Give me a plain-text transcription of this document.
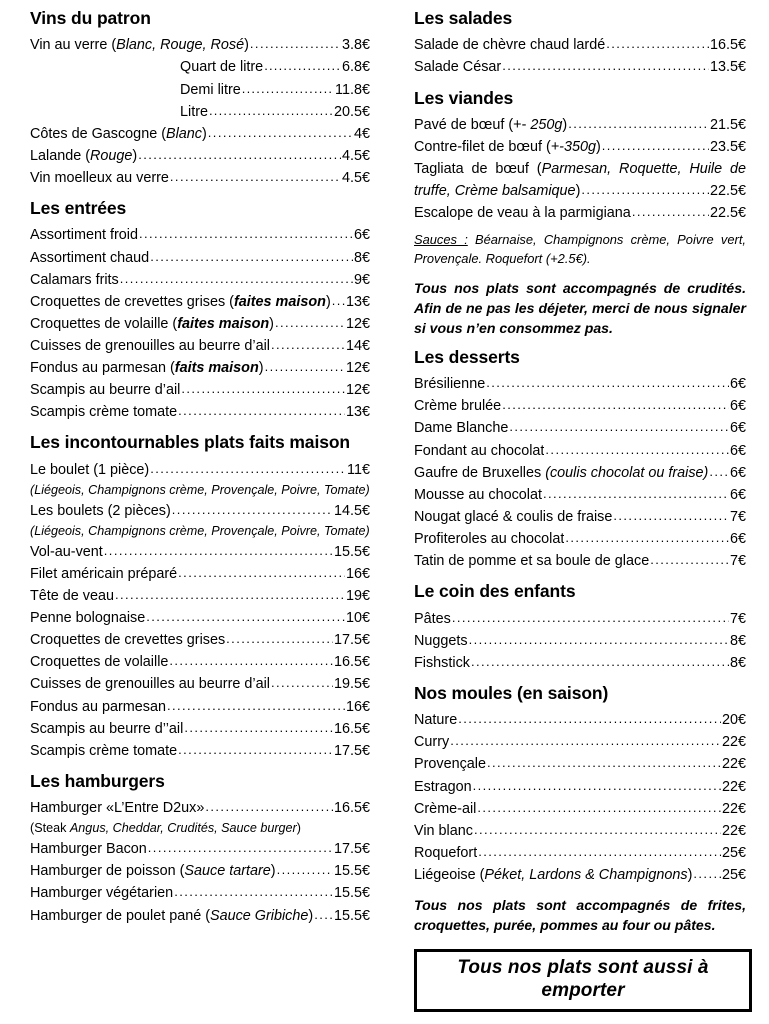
Vins du patron
Vin au verre (Blanc, Rouge, Rosé) .....	3.8€
Quart de litre .....	6.8€
Demi litre .....	11.8€
Litre .....	20.5€
Côtes de Gascogne (Blanc) .....	4€
Lalande (Rouge) .....	4.5€
Vin moelleux au verre .....	4.5€
Les entrées
Assortiment froid .....	6€
Assortiment chaud .....	8€
Calamars frits .....	9€
Croquettes de crevettes grises (faites maison) ..... 13€
Croquettes de volaille (faites maison) .....	12€
Cuisses de grenouilles au beurre d’ail .....	14€
Fondus au parmesan (faits maison) .....	12€
Scampis au beurre d’ail .....	12€
Scampis crème tomate .....	13€
Les incontournables plats faits maison
Le boulet (1 pièce) .....	11€
(Liégeois, Champignons crème, Provençale, Poivre, Tomate)
Les boulets (2 pièces) .....	14.5€
(Liégeois, Champignons crème, Provençale, Poivre, Tomate)
Vol-au-vent .....	15.5€
Filet américain préparé .....	16€
Tête de veau .....	19€
Penne bolognaise .....	10€
Croquettes de crevettes grises .....	17.5€
Croquettes de volaille .....	16.5€
Cuisses de grenouilles au beurre d’ail .....	19.5€
Fondus au parmesan .....	16€
Scampis au beurre d’’ail .....	16.5€
Scampis crème tomate .....	17.5€
Les hamburgers
Hamburger «L’Entre D2ux» .....	16.5€
(Steak Angus, Cheddar, Crudités, Sauce burger)
Hamburger Bacon .....	17.5€
Hamburger de poisson (Sauce tartare) .....	15.5€
Hamburger végétarien .....	15.5€
Hamburger de poulet pané (Sauce Gribiche) ..... 15.5€
Les salades
Salade de chèvre chaud lardé .....	16.5€
Salade César .....	13.5€
Les viandes
Pavé de bœuf (+- 250g) .....	21.5€
Contre-filet de bœuf (+-350g) .....	23.5€
Tagliata de bœuf (Parmesan, Roquette, Huile de
truffe, Crème balsamique) .....	22.5€
Escalope de veau à la parmigiana .....	22.5€
Sauces : Béarnaise, Champignons crème, Poivre vert, Provençale. Roquefort (+2.5€).
Tous nos plats sont accompagnés de crudités. Afin de ne pas les déjeter, merci de nous signaler si vous n’en consommez pas.
Les desserts
Brésilienne .....	6€
Crème brulée .....	6€
Dame Blanche .....	6€
Fondant au chocolat .....	6€
Gaufre de Bruxelles (coulis chocolat ou fraise) ..... 6€
Mousse au chocolat .....	6€
Nougat glacé & coulis de fraise .....	7€
Profiteroles au chocolat .....	6€
Tatin de pomme et sa boule de glace .....	7€
Le coin des enfants
Pâtes .....	7€
Nuggets .....	8€
Fishstick .....	8€
Nos moules (en saison)
Nature .....	20€
Curry .....	22€
Provençale .....	22€
Estragon .....	22€
Crème-ail .....	22€
Vin blanc .....	22€
Roquefort .....	25€
Liégeoise (Péket, Lardons & Champignons) ..... 25€
Tous nos plats sont accompagnés de frites, croquettes, purée, pommes au four ou pâtes.
Tous nos plats sont aussi à emporter
